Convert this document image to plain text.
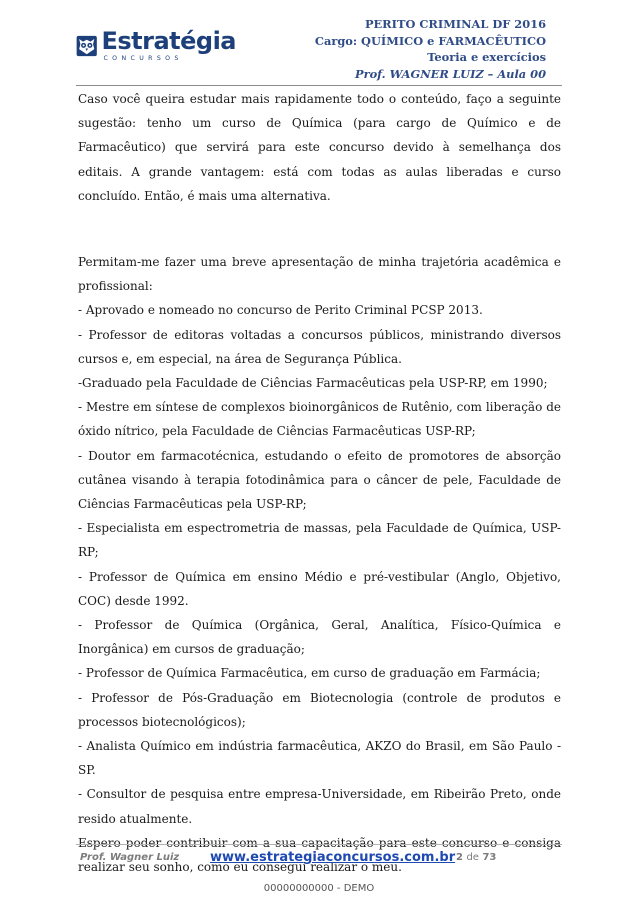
Estratégia
CONCURSOS
PERITO CRIMINAL DF 2016
Cargo: QUÍMICO e FARMACÊUTICO
Teoria e exercícios
Prof. WAGNER LUIZ – Aula 00

Caso você queira estudar mais rapidamente todo o conteúdo, faço a seguinte sugestão: tenho um curso de Química (para cargo de Químico e de Farmacêutico) que servirá para este concurso devido à semelhança dos editais. A grande vantagem: está com todas as aulas liberadas e curso concluído. Então, é mais uma alternativa.

Permitam-me fazer uma breve apresentação de minha trajetória acadêmica e profissional:

- Aprovado e nomeado no concurso de Perito Criminal PCSP 2013.

- Professor de editoras voltadas a concursos públicos, ministrando diversos cursos e, em especial, na área de Segurança Pública.

-Graduado pela Faculdade de Ciências Farmacêuticas pela USP-RP, em 1990;

- Mestre em síntese de complexos bioinorgânicos de Rutênio, com liberação de óxido nítrico, pela Faculdade de Ciências Farmacêuticas USP-RP;

- Doutor em farmacotécnica, estudando o efeito de promotores de absorção cutânea visando à terapia fotodinâmica para o câncer de pele, Faculdade de Ciências Farmacêuticas pela USP-RP;

- Especialista em espectrometria de massas, pela Faculdade de Química, USP-RP;

- Professor de Química em ensino Médio e pré-vestibular (Anglo, Objetivo, COC) desde 1992.

- Professor de Química (Orgânica, Geral, Analítica, Físico-Química e Inorgânica) em cursos de graduação;

- Professor de Química Farmacêutica, em curso de graduação em Farmácia;

- Professor de Pós-Graduação em Biotecnologia (controle de produtos e processos biotecnológicos);

- Analista Químico em indústria farmacêutica, AKZO do Brasil, em São Paulo - SP.

- Consultor de pesquisa entre empresa-Universidade, em Ribeirão Preto, onde resido atualmente.

Espero poder contribuir com a sua capacitação para este concurso e consiga realizar seu sonho, como eu consegui realizar o meu.

Prof. Wagner Luiz www.estrategiaconcursos.com.br 2 de 73
00000000000 - DEMO
